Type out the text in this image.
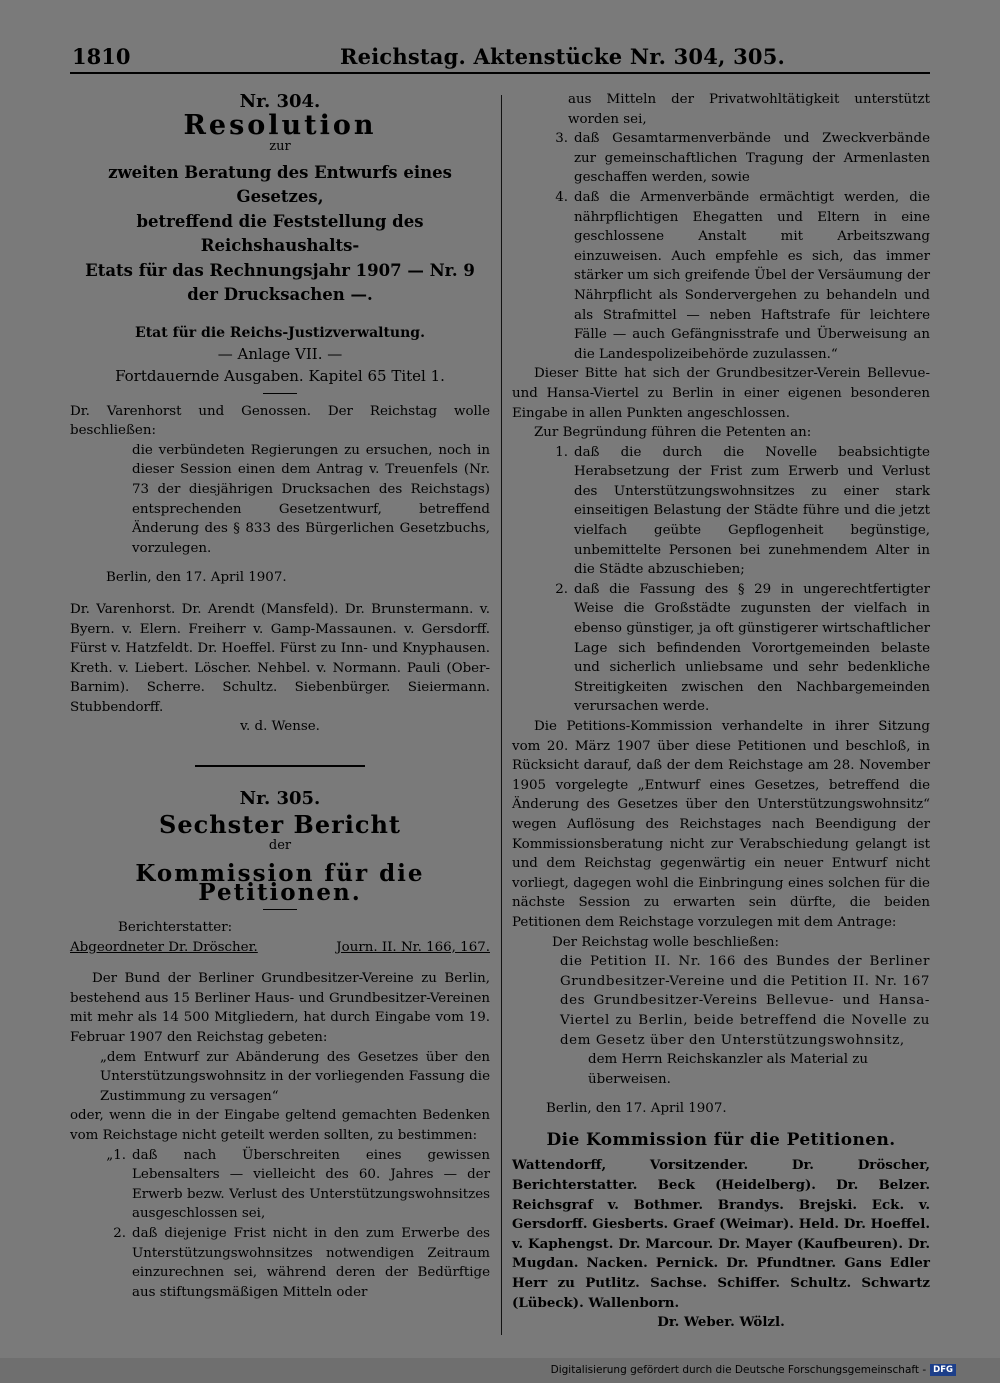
1810	Reichstag. Aktenstücke Nr. 304, 305.
Nr. 304.
Resolution
zur
zweiten Beratung des Entwurfs eines Gesetzes,
betreffend die Feststellung des Reichshaushalts-
Etats für das Rechnungsjahr 1907 — Nr. 9
der Drucksachen —.
Etat für die Reichs-Justizverwaltung.
— Anlage VII. —
Fortdauernde Ausgaben. Kapitel 65 Titel 1.
Dr. Varenhorst und Genossen. Der Reichstag wolle beschließen:
die verbündeten Regierungen zu ersuchen, noch in dieser Session einen dem Antrag v. Treuenfels (Nr. 73 der diesjährigen Drucksachen des Reichstags) entsprechenden Gesetzentwurf, betreffend Änderung des § 833 des Bürgerlichen Gesetzbuchs, vorzulegen.
Berlin, den 17. April 1907.
Dr. Varenhorst. Dr. Arendt (Mansfeld). Dr. Brunstermann. v. Byern. v. Elern. Freiherr v. Gamp-Massaunen. v. Gersdorff. Fürst v. Hatzfeldt. Dr. Hoeffel. Fürst zu Inn- und Knyphausen. Kreth. v. Liebert. Löscher. Nehbel. v. Normann. Pauli (Ober-Barnim). Scherre. Schultz. Siebenbürger. Sieiermann. Stubbendorff.
v. d. Wense.
Nr. 305.
Sechster Bericht
der
Kommission für die Petitionen.
Berichterstatter:
Abgeordneter Dr. Dröscher.	Journ. II. Nr. 166, 167.
Der Bund der Berliner Grundbesitzer-Vereine zu Berlin, bestehend aus 15 Berliner Haus- und Grundbesitzer-Vereinen mit mehr als 14 500 Mitgliedern, hat durch Eingabe vom 19. Februar 1907 den Reichstag gebeten:
„dem Entwurf zur Abänderung des Gesetzes über den Unterstützungswohnsitz in der vorliegenden Fassung die Zustimmung zu versagen“
oder, wenn die in der Eingabe geltend gemachten Bedenken vom Reichstage nicht geteilt werden sollten, zu bestimmen:
„1. daß nach Überschreiten eines gewissen Lebensalters — vielleicht des 60. Jahres — der Erwerb bezw. Verlust des Unterstützungswohnsitzes ausgeschlossen sei,
2. daß diejenige Frist nicht in den zum Erwerbe des Unterstützungswohnsitzes notwendigen Zeitraum einzurechnen sei, während deren der Bedürftige aus stiftungsmäßigen Mitteln oder
aus Mitteln der Privatwohltätigkeit unterstützt worden sei,
3. daß Gesamtarmenverbände und Zweckverbände zur gemeinschaftlichen Tragung der Armenlasten geschaffen werden, sowie
4. daß die Armenverbände ermächtigt werden, die nährpflichtigen Ehegatten und Eltern in eine geschlossene Anstalt mit Arbeitszwang einzuweisen. Auch empfehle es sich, das immer stärker um sich greifende Übel der Versäumung der Nährpflicht als Sondervergehen zu behandeln und als Strafmittel — neben Haftstrafe für leichtere Fälle — auch Gefängnisstrafe und Überweisung an die Landespolizeibehörde zuzulassen.“
Dieser Bitte hat sich der Grundbesitzer-Verein Bellevue- und Hansa-Viertel zu Berlin in einer eigenen besonderen Eingabe in allen Punkten angeschlossen.
Zur Begründung führen die Petenten an:
1. daß die durch die Novelle beabsichtigte Herabsetzung der Frist zum Erwerb und Verlust des Unterstützungswohnsitzes zu einer stark einseitigen Belastung der Städte führe und die jetzt vielfach geübte Gepflogenheit begünstige, unbemittelte Personen bei zunehmendem Alter in die Städte abzuschieben;
2. daß die Fassung des § 29 in ungerechtfertigter Weise die Großstädte zugunsten der vielfach in ebenso günstiger, ja oft günstigerer wirtschaftlicher Lage sich befindenden Vorortgemeinden belaste und sicherlich unliebsame und sehr bedenkliche Streitigkeiten zwischen den Nachbargemeinden verursachen werde.
Die Petitions-Kommission verhandelte in ihrer Sitzung vom 20. März 1907 über diese Petitionen und beschloß, in Rücksicht darauf, daß der dem Reichstage am 28. November 1905 vorgelegte „Entwurf eines Gesetzes, betreffend die Änderung des Gesetzes über den Unterstützungswohnsitz“ wegen Auflösung des Reichstages nach Beendigung der Kommissionsberatung nicht zur Verabschiedung gelangt ist und dem Reichstag gegenwärtig ein neuer Entwurf nicht vorliegt, dagegen wohl die Einbringung eines solchen für die nächste Session zu erwarten sein dürfte, die beiden Petitionen dem Reichstage vorzulegen mit dem Antrage:
Der Reichstag wolle beschließen:
die Petition II. Nr. 166 des Bundes der Berliner Grundbesitzer-Vereine und die Petition II. Nr. 167 des Grundbesitzer-Vereins Bellevue- und Hansa-Viertel zu Berlin, beide betreffend die Novelle zu dem Gesetz über den Unterstützungswohnsitz,
dem Herrn Reichskanzler als Material zu überweisen.
Berlin, den 17. April 1907.
Die Kommission für die Petitionen.
Wattendorff, Vorsitzender. Dr. Dröscher, Berichterstatter. Beck (Heidelberg). Dr. Belzer. Reichsgraf v. Bothmer. Brandys. Brejski. Eck. v. Gersdorff. Giesberts. Graef (Weimar). Held. Dr. Hoeffel. v. Kaphengst. Dr. Marcour. Dr. Mayer (Kaufbeuren). Dr. Mugdan. Nacken. Pernick. Dr. Pfundtner. Gans Edler Herr zu Putlitz. Sachse. Schiffer. Schultz. Schwartz (Lübeck). Wallenborn.
Dr. Weber. Wölzl.
Digitalisierung gefördert durch die Deutsche Forschungsgemeinschaft - DFG
